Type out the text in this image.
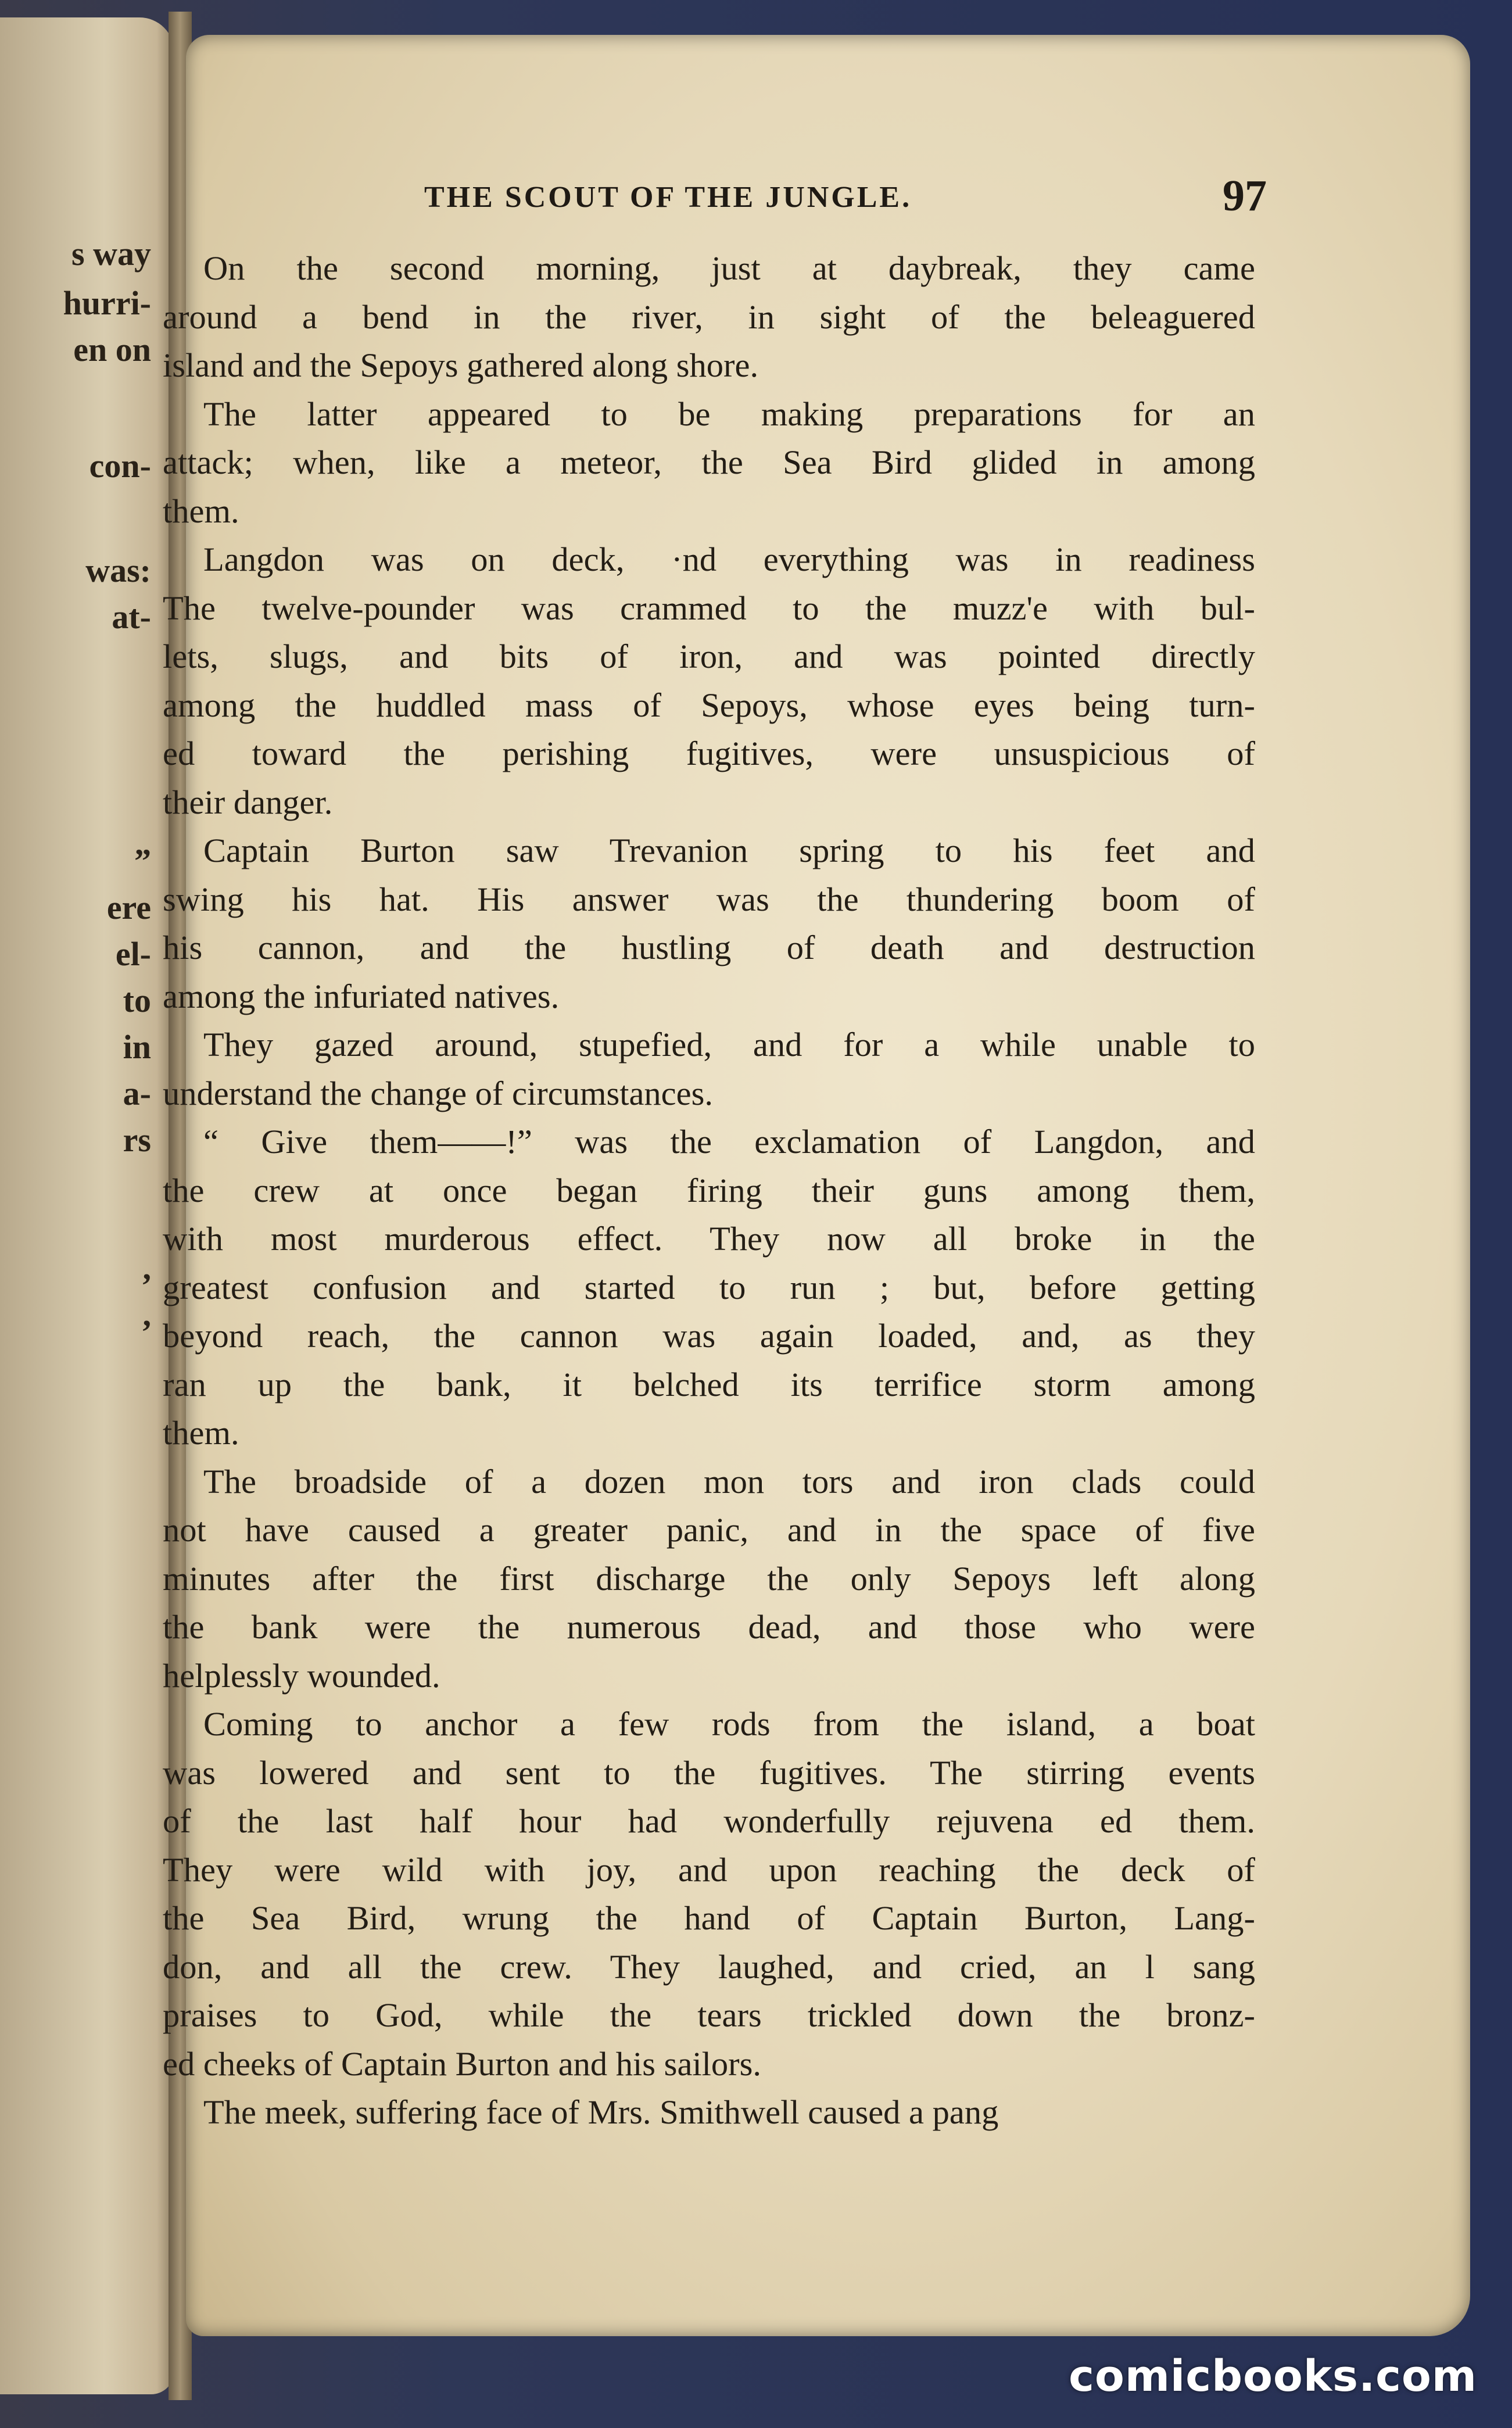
s way
hurri-
en on
con-
was:
at-
”
ere
el-
to
in
a-
rs
,
,
THE SCOUT OF THE JUNGLE.	97
On the second morning, just at daybreak, they came
around a bend in the river, in sight of the beleaguered
island and the Sepoys gathered along shore.
The latter appeared to be making preparations for an
attack; when, like a meteor, the Sea Bird glided in among
them.
Langdon was on deck, ·nd everything was in readiness
The twelve-pounder was crammed to the muzz'e with bul-
lets, slugs, and bits of iron, and was pointed directly
among the huddled mass of Sepoys, whose eyes being turn-
ed toward the perishing fugitives, were unsuspicious of
their danger.
Captain Burton saw Trevanion spring to his feet and
swing his hat. His answer was the thundering boom of
his cannon, and the hustling of death and destruction
among the infuriated natives.
They gazed around, stupefied, and for a while unable to
understand the change of circumstances.
“ Give them——!” was the exclamation of Langdon, and
the crew at once began firing their guns among them,
with most murderous effect. They now all broke in the
greatest confusion and started to run ; but, before getting
beyond reach, the cannon was again loaded, and, as they
ran up the bank, it belched its terrifice storm among
them.
The broadside of a dozen mon tors and iron clads could
not have caused a greater panic, and in the space of five
minutes after the first discharge the only Sepoys left along
the bank were the numerous dead, and those who were
helplessly wounded.
Coming to anchor a few rods from the island, a boat
was lowered and sent to the fugitives. The stirring events
of the last half hour had wonderfully rejuvena ed them.
They were wild with joy, and upon reaching the deck of
the Sea Bird, wrung the hand of Captain Burton, Lang-
don, and all the crew. They laughed, and cried, an l sang
praises to God, while the tears trickled down the bronz-
ed cheeks of Captain Burton and his sailors.
The meek, suffering face of Mrs. Smithwell caused a pang
comicbooks.com
